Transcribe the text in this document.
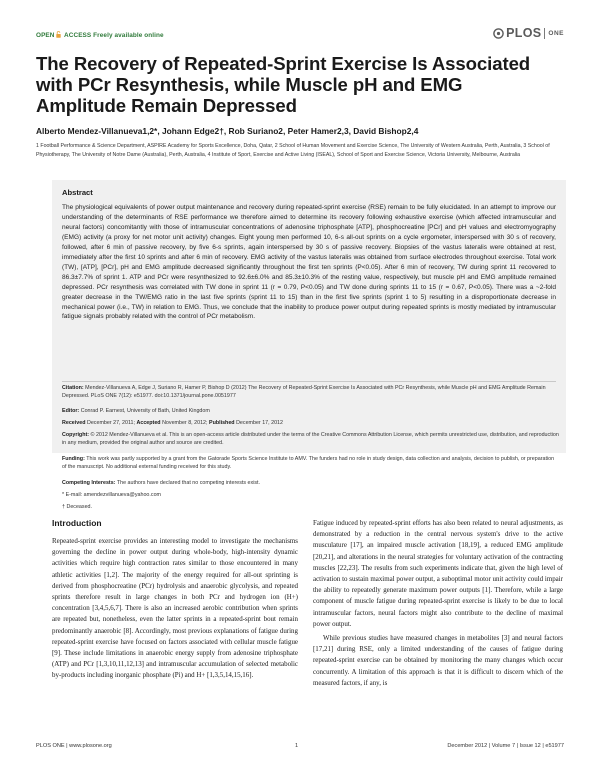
OPEN ACCESS Freely available online	PLOS ONE
The Recovery of Repeated-Sprint Exercise Is Associated with PCr Resynthesis, while Muscle pH and EMG Amplitude Remain Depressed
Alberto Mendez-Villanueva1,2*, Johann Edge2†, Rob Suriano2, Peter Hamer2,3, David Bishop2,4
1 Football Performance & Science Department, ASPIRE Academy for Sports Excellence, Doha, Qatar, 2 School of Human Movement and Exercise Science, The University of Western Australia, Perth, Australia, 3 School of Physiotherapy, The University of Notre Dame (Australia), Perth, Australia, 4 Institute of Sport, Exercise and Active Living (ISEAL), School of Sport and Exercise Science, Victoria University, Melbourne, Australia
Abstract

The physiological equivalents of power output maintenance and recovery during repeated-sprint exercise (RSE) remain to be fully elucidated. In an attempt to improve our understanding of the determinants of RSE performance we therefore aimed to determine its recovery following exhaustive exercise (which affected intramuscular and neural factors) concomitantly with those of intramuscular concentrations of adenosine triphosphate [ATP], phosphocreatine [PCr] and pH values and electromyography (EMG) activity (a proxy for net motor unit activity) changes. Eight young men performed 10, 6-s all-out sprints on a cycle ergometer, interspersed with 30 s of recovery, followed, after 6 min of passive recovery, by five 6-s sprints, again interspersed by 30 s of passive recovery. Biopsies of the vastus lateralis were obtained at rest, immediately after the first 10 sprints and after 6 min of recovery. EMG activity of the vastus lateralis was obtained from surface electrodes throughout exercise. Total work (TW), [ATP], [PCr], pH and EMG amplitude decreased significantly throughout the first ten sprints (P<0.05). After 6 min of recovery, TW during sprint 11 recovered to 86.3±7.7% of sprint 1. ATP and PCr were resynthesized to 92.6±6.0% and 85.3±10.3% of the resting value, respectively, but muscle pH and EMG amplitude remained depressed. PCr resynthesis was correlated with TW done in sprint 11 (r = 0.79, P<0.05) and TW done during sprints 11 to 15 (r = 0.67, P<0.05). There was a ~2-fold greater decrease in the TW/EMG ratio in the last five sprints (sprint 11 to 15) than in the first five sprints (sprint 1 to 5) resulting in a disproportionate decrease in mechanical power (i.e., TW) in relation to EMG. Thus, we conclude that the inability to produce power output during repeated sprints is mostly mediated by intramuscular fatigue signals probably related with the control of PCr metabolism.

Citation: Mendez-Villanueva A, Edge J, Suriano R, Hamer P, Bishop D (2012) The Recovery of Repeated-Sprint Exercise Is Associated with PCr Resynthesis, while Muscle pH and EMG Amplitude Remain Depressed. PLoS ONE 7(12): e51977. doi:10.1371/journal.pone.0051977
Editor: Conrad P. Earnest, University of Bath, United Kingdom
Received December 27, 2011; Accepted November 8, 2012; Published December 17, 2012
Copyright: © 2012 Mendez-Villanueva et al. This is an open-access article distributed under the terms of the Creative Commons Attribution License, which permits unrestricted use, distribution, and reproduction in any medium, provided the original author and source are credited.
Funding: This work was partly supported by a grant from the Gatorade Sports Science Institute to AMV. The funders had no role in study design, data collection and analysis, decision to publish, or preparation of the manuscript. No additional external funding received for this study.
Competing Interests: The authors have declared that no competing interests exist.
* E-mail: amendezvillanueva@yahoo.com
† Deceased.
Introduction

Repeated-sprint exercise provides an interesting model to investigate the mechanisms governing the decline in power output during whole-body, high-intensity dynamic activities which require high contraction rates similar to those encountered in many athletic activities [1,2]. The majority of the energy required for all-out sprinting is derived from phosphocreatine (PCr) hydrolysis and anaerobic glycolysis, and repeated sprints therefore result in large changes in both PCr and hydrogen ion (H+) concentration [3,4,5,6,7]. There is also an increased aerobic contribution when sprints are repeated but, nonetheless, even the latter sprints in a repeated-sprint bout remain predominantly anaerobic [8]. Accordingly, most previous explanations of fatigue during repeated-sprint exercise have focused on factors associated with cellular muscle fatigue [9]. These include limitations in anaerobic energy supply from adenosine triphosphate (ATP) and PCr [1,3,10,11,12,13] and intramuscular accumulation of selected metabolic by-products including inorganic phosphate (Pi) and H+ [1,3,5,14,15,16].

Fatigue induced by repeated-sprint efforts has also been related to neural adjustments, as demonstrated by a reduction in the central nervous system's drive to the active musculature [17], an impaired muscle activation [18,19], a reduced EMG amplitude [20,21], and alterations in the neural strategies for voluntary activation of the contracting muscles [22,23]. The results from such experiments indicate that, given the high level of activation to sustain maximal power output, a suboptimal motor unit activity could impair the ability to repeatedly generate maximum power outputs [1]. Therefore, while a large component of muscle fatigue during repeated-sprint exercise is likely to be due to local intramuscular factors, neural factors might also contribute to the decline of maximal power output.

While previous studies have measured changes in metabolites [3] and neural factors [17,21] during RSE, only a limited understanding of the causes of fatigue during repeated-sprint exercise can be obtained by monitoring the many changes which occur concurrently. A limitation of this approach is that it is difficult to discern which of the measured factors, if any, is

PLOS ONE | www.plosone.org	1	December 2012 | Volume 7 | Issue 12 | e51977
